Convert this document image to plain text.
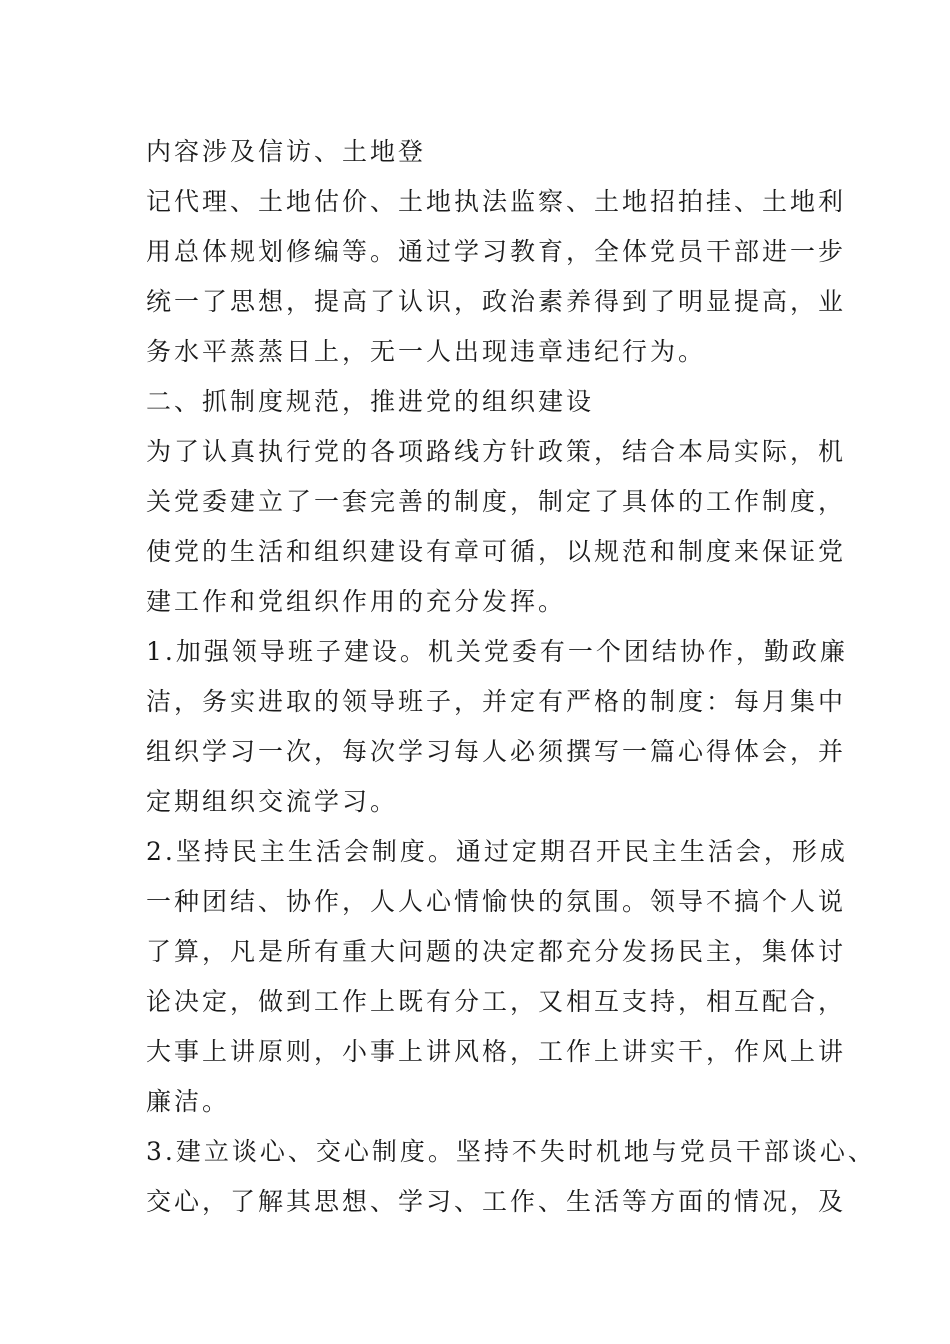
内容涉及信访、土地登
记代理、土地估价、土地执法监察、土地招拍挂、土地利
用总体规划修编等。通过学习教育，全体党员干部进一步
统一了思想，提高了认识，政治素养得到了明显提高，业
务水平蒸蒸日上，无一人出现违章违纪行为。
二、抓制度规范，推进党的组织建设
为了认真执行党的各项路线方针政策，结合本局实际，机
关党委建立了一套完善的制度，制定了具体的工作制度，
使党的生活和组织建设有章可循，以规范和制度来保证党
建工作和党组织作用的充分发挥。
1.加强领导班子建设。机关党委有一个团结协作，勤政廉
洁，务实进取的领导班子，并定有严格的制度：每月集中
组织学习一次，每次学习每人必须撰写一篇心得体会，并
定期组织交流学习。
2.坚持民主生活会制度。通过定期召开民主生活会，形成
一种团结、协作，人人心情愉快的氛围。领导不搞个人说
了算，凡是所有重大问题的决定都充分发扬民主，集体讨
论决定，做到工作上既有分工，又相互支持，相互配合，
大事上讲原则，小事上讲风格，工作上讲实干，作风上讲
廉洁。
3.建立谈心、交心制度。坚持不失时机地与党员干部谈心、
交心，了解其思想、学习、工作、生活等方面的情况，及
